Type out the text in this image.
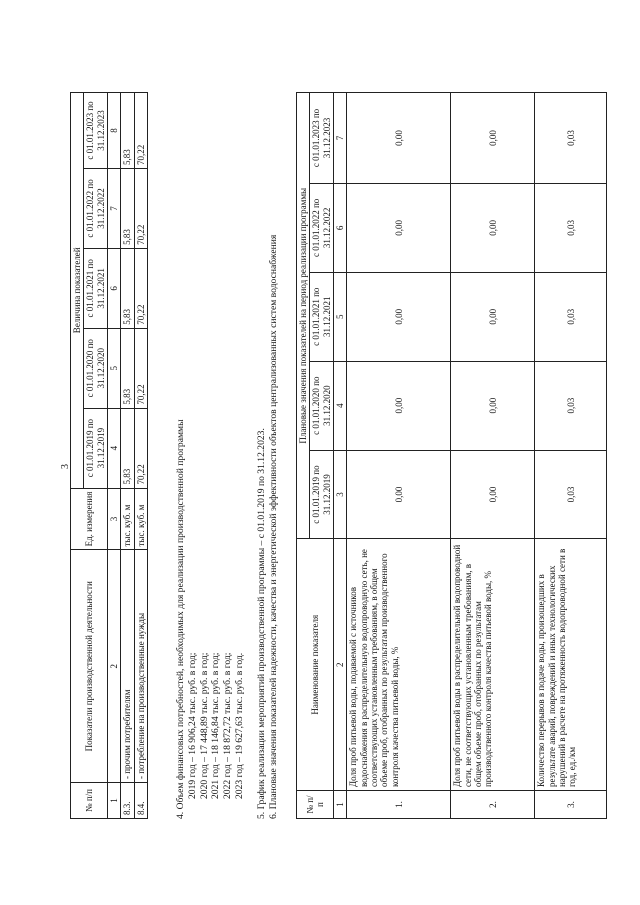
3
№ п/п	Показатели производственной деятельности	Ед. измерения	Величина показателей				
			с 01.01.2019 по 31.12.2019	с 01.01.2020 по 31.12.2020	с 01.01.2021 по 31.12.2021	с 01.01.2022 по 31.12.2022	с 01.01.2023 по 31.12.2023
1	2	3	4	5	6	7	8
8.3.	- прочим потребителям	тыс. куб. м	5,83	5,83	5,83	5,83	5,83
8.4.	- потребление на производственные нужды	тыс. куб. м	70,22	70,22	70,22	70,22	70,22
4. Объем финансовых потребностей, необходимых для реализации производственной программы 2019 год – 16 906,24 тыс. руб. в год; 2020 год – 17 448,89 тыс. руб. в год; 2021 год – 18 146,84 тыс. руб. в год; 2022 год – 18 872,72 тыс. руб. в год; 2023 год – 19 627,63 тыс. руб. в год. 5. График реализации мероприятий производственной программы – с 01.01.2019 по 31.12.2023. 6. Плановые значения показателей надежности, качества и энергетической эффективности объектов централизованных систем водоснабжения	№ п/п	Наименование показателя	Плановые значения показателей на период реализации программы				
		с 01.01.2019 по 31.12.2019	с 01.01.2020 по 31.12.2020	с 01.01.2021 по 31.12.2021	с 01.01.2022 по 31.12.2022	с 01.01.2023 по 31.12.2023
1	2	3	4	5	6	7
1.	Доля проб питьевой воды, подаваемой с источников водоснабжения в распределительную водопроводную сеть, не соответствующих установленным требованиям, в общем объеме проб, отобранных по результатам производственного контроля качества питьевой воды, %	0,00	0,00	0,00	0,00	0,00
2.	Доля проб питьевой воды в распределительной водопроводной сети, не соответствующих установленным требованиям, в общем объеме проб, отобранных по результатам производственного контроля качества питьевой воды, %	0,00	0,00	0,00	0,00	0,00
3.	Количество перерывов в подаче воды, произошедших в результате аварий, повреждений и иных технологических нарушений в расчете на протяженность водопроводной сети в год, ед./км	0,03	0,03	0,03	0,03	0,03
